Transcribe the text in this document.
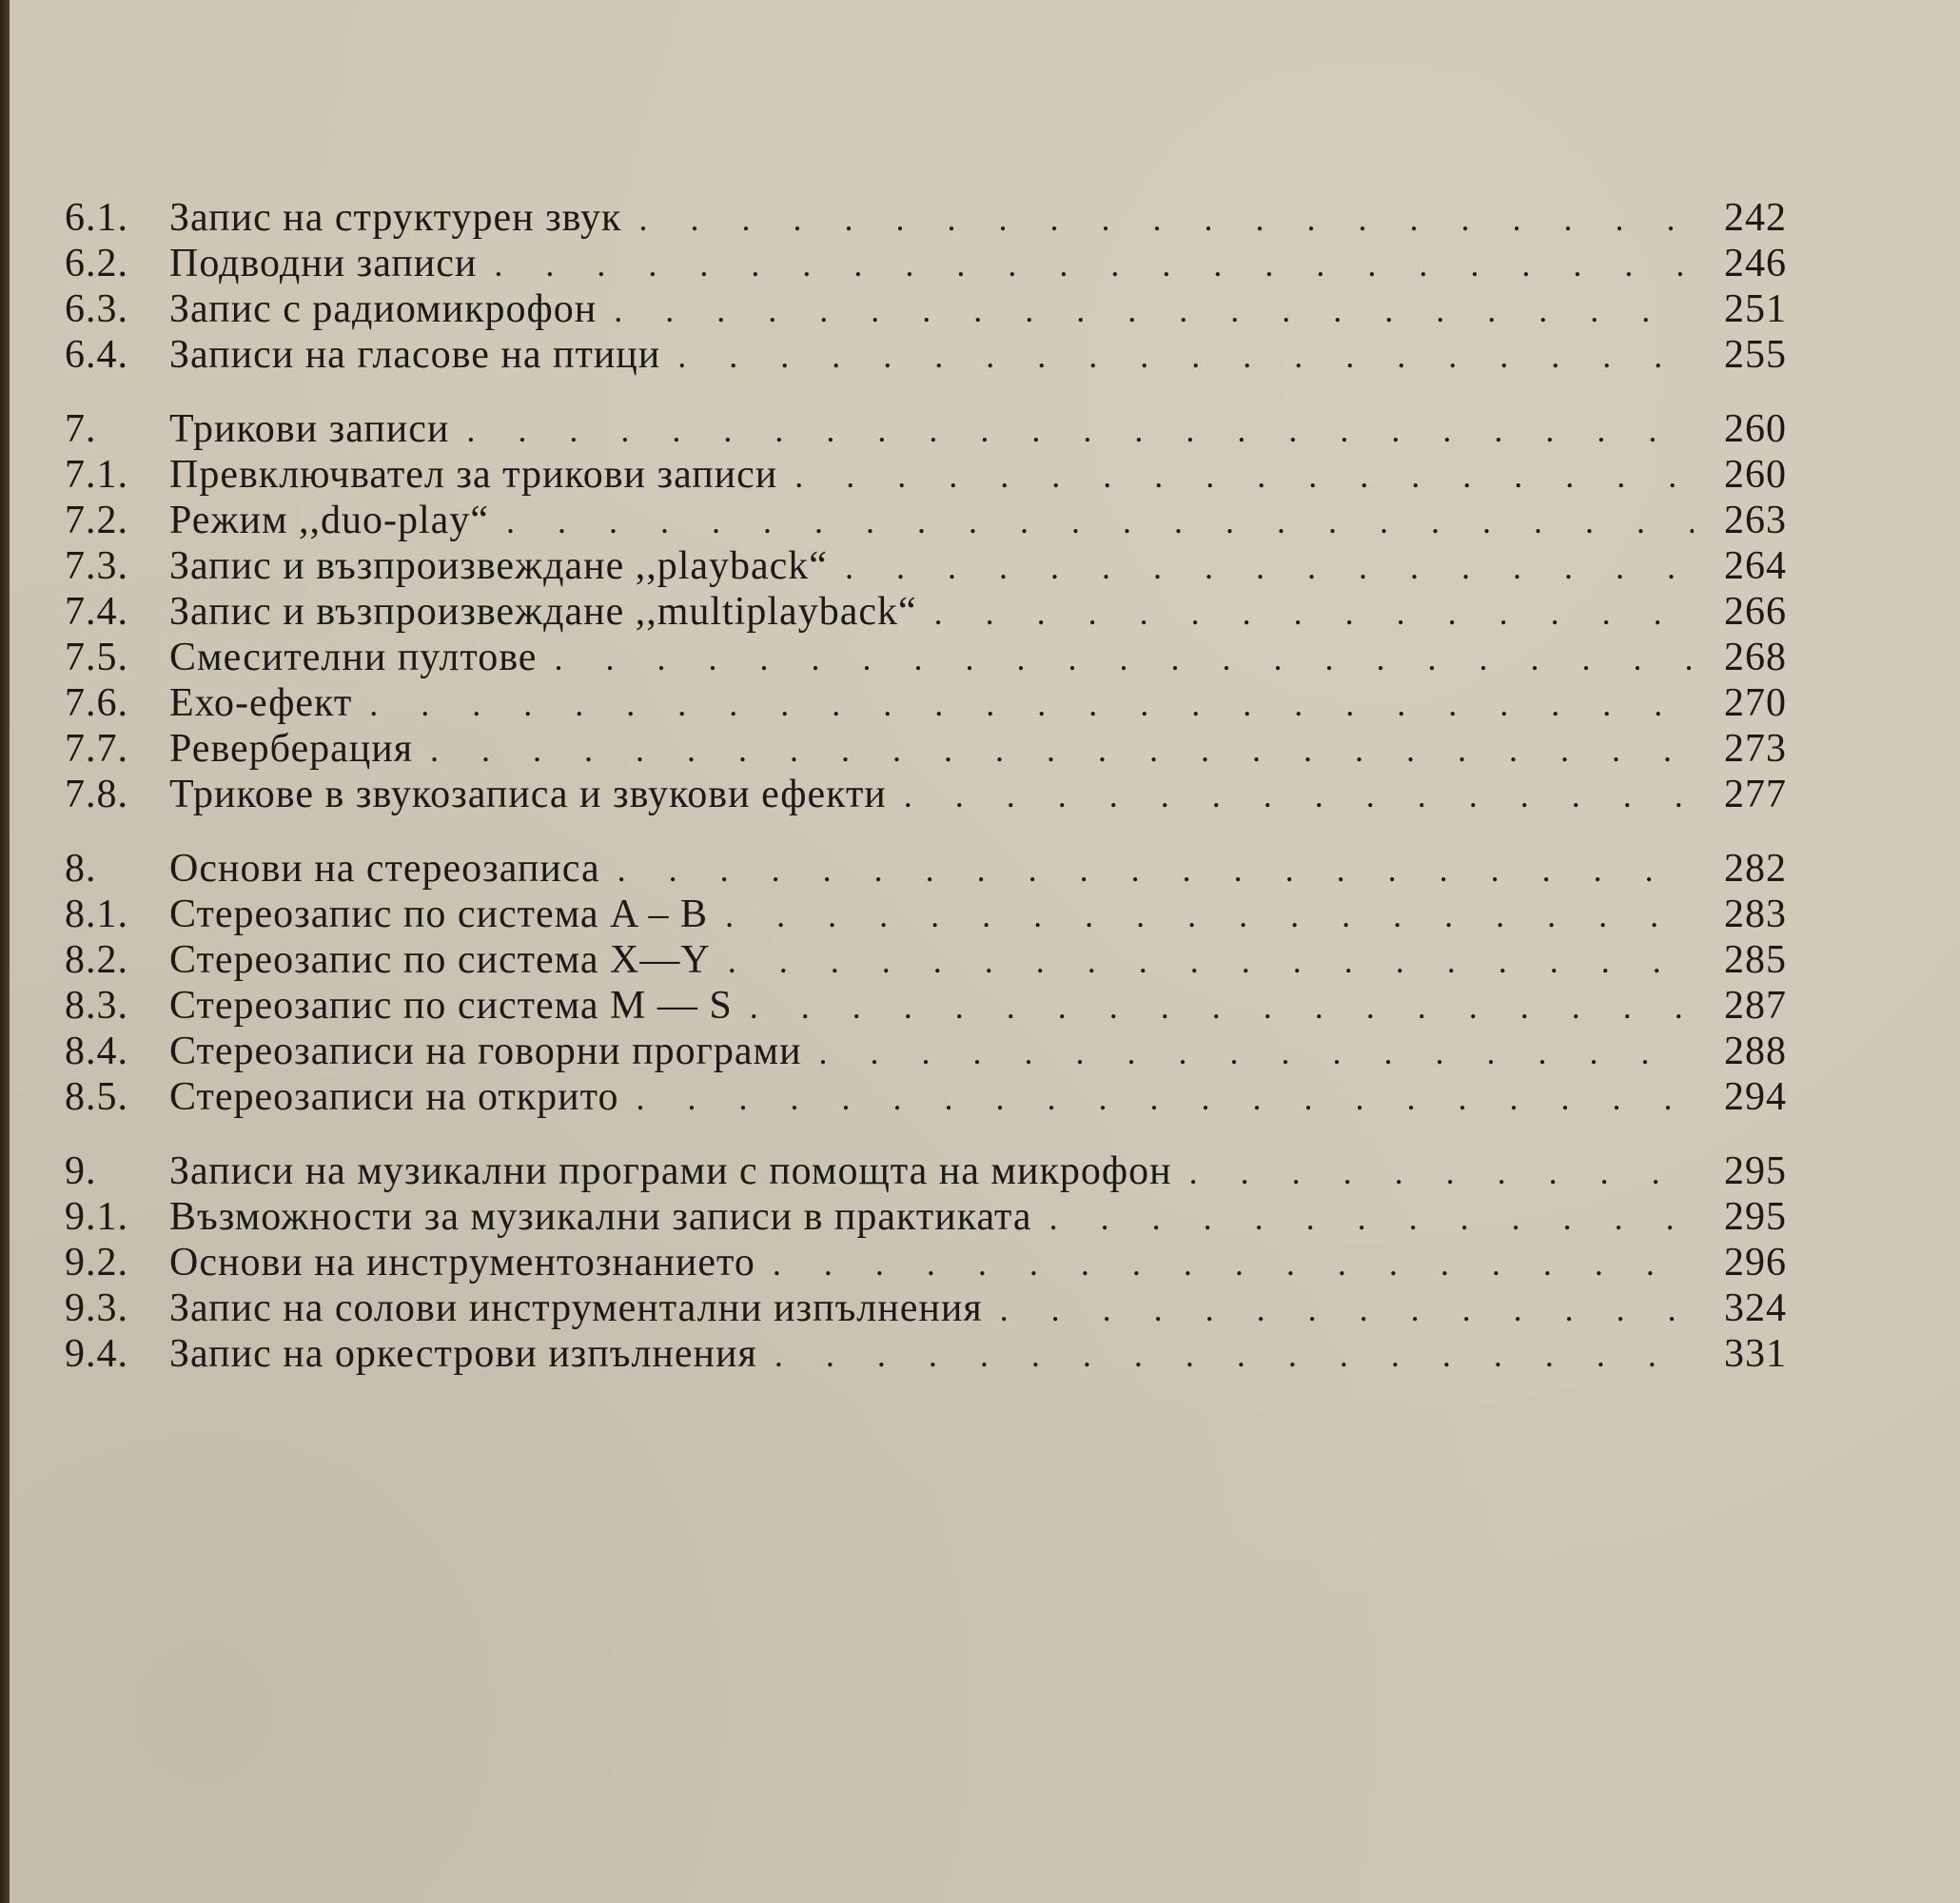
6.1.	Запис на структурен звук . . .	242
6.2.	Подводни записи . . .	246
6.3.	Запис с радиомикрофон . . .	251
6.4.	Записи на гласове на птици . . .	255
7.	Трикови записи . . .	260
7.1.	Превключвател за трикови записи . . .	260
7.2.	Режим ,,duo-play“ . . .	263
7.3.	Запис и възпроизвеждане ,,playback“ . . .	264
7.4.	Запис и възпроизвеждане ,,multiplayback“ . . .	266
7.5.	Смесителни пултове . . .	268
7.6.	Ехо-ефект . . .	270
7.7.	Реверберация . . .	273
7.8.	Трикове в звукозаписа и звукови ефекти . . .	277
8.	Основи на стереозаписа . . .	282
8.1.	Стереозапис по система A – B . . .	283
8.2.	Стереозапис по система X—Y . . .	285
8.3.	Стереозапис по система M — S . . .	287
8.4.	Стереозаписи на говорни програми . . .	288
8.5.	Стереозаписи на открито . . .	294
9.	Записи на музикални програми с помощта на микрофон . . .	295
9.1.	Възможности за музикални записи в практиката . . .	295
9.2.	Основи на инструментознанието . . .	296
9.3.	Запис на солови инструментални изпълнения . . .	324
9.4.	Запис на оркестрови изпълнения . . .	331
